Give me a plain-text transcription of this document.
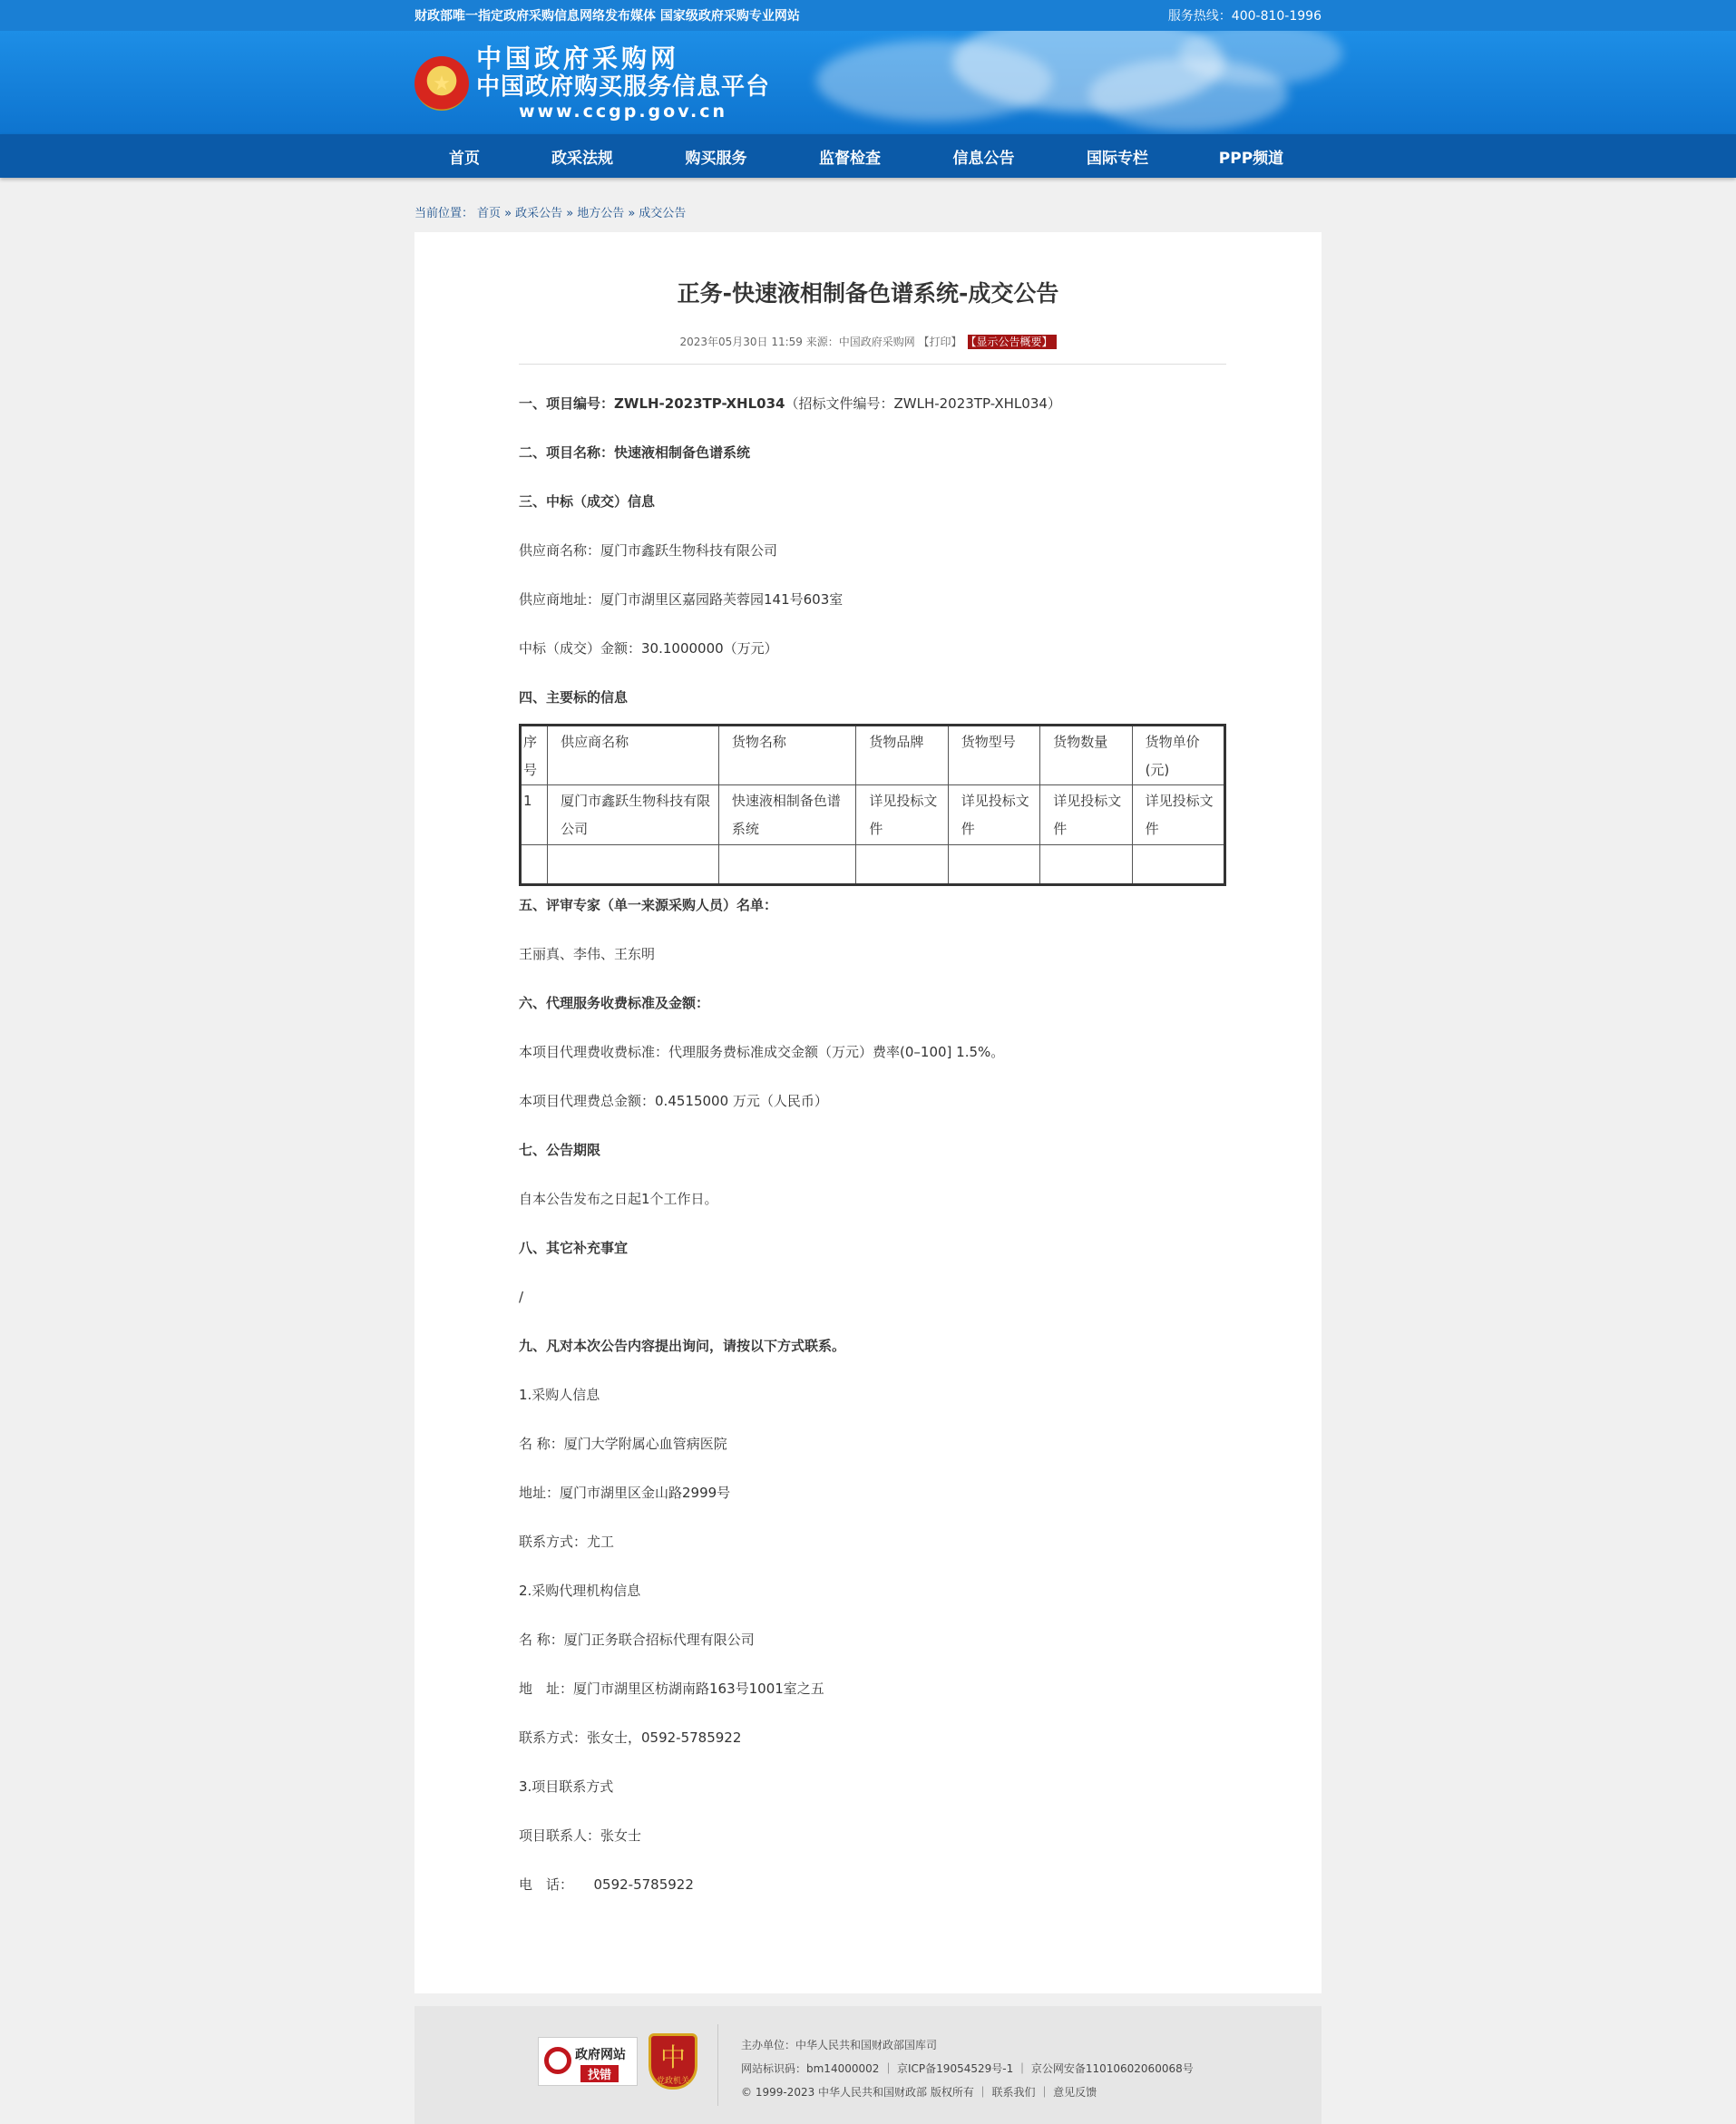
财政部唯一指定政府采购信息网络发布媒体 国家级政府采购专业网站	服务热线：400-810-1996
★
中国政府采购网
中国政府购买服务信息平台
www.ccgp.gov.cn
首页	政采法规	购买服务	监督检查	信息公告	国际专栏	PPP频道
当前位置： 首页 » 政采公告 » 地方公告 » 成交公告
正务-快速液相制备色谱系统-成交公告
2023年05月30日 11:59 来源：中国政府采购网 【打印】 【显示公告概要】
一、项目编号：ZWLH-2023TP-XHL034（招标文件编号：ZWLH-2023TP-XHL034）
二、项目名称：快速液相制备色谱系统
三、中标（成交）信息
供应商名称：厦门市鑫跃生物科技有限公司
供应商地址：厦门市湖里区嘉园路芙蓉园141号603室
中标（成交）金额：30.1000000（万元）
四、主要标的信息
序号	供应商名称	货物名称	货物品牌	货物型号	货物数量	货物单价(元)
1	厦门市鑫跃生物科技有限公司	快速液相制备色谱系统	详见投标文件	详见投标文件	详见投标文件	详见投标文件

五、评审专家（单一来源采购人员）名单：
王丽真、李伟、王东明
六、代理服务收费标准及金额：
本项目代理费收费标准：代理服务费标准成交金额（万元）费率(0–100] 1.5%。
本项目代理费总金额：0.4515000 万元（人民币）
七、公告期限
自本公告发布之日起1个工作日。
八、其它补充事宜
/
九、凡对本次公告内容提出询问，请按以下方式联系。
1.采购人信息
名 称：厦门大学附属心血管病医院
地址：厦门市湖里区金山路2999号
联系方式：尤工
2.采购代理机构信息
名 称：厦门正务联合招标代理有限公司
地　址：厦门市湖里区枋湖南路163号1001室之五
联系方式：张女士，0592-5785922
3.项目联系方式
项目联系人：张女士
电　话：　　0592-5785922
政府网站
找错
中
党政机关
主办单位：中华人民共和国财政部国库司
网站标识码：bm14000002 ｜ 京ICP备19054529号-1 ｜ 京公网安备11010602060068号
© 1999-2023 中华人民共和国财政部 版权所有 ｜ 联系我们 ｜ 意见反馈
